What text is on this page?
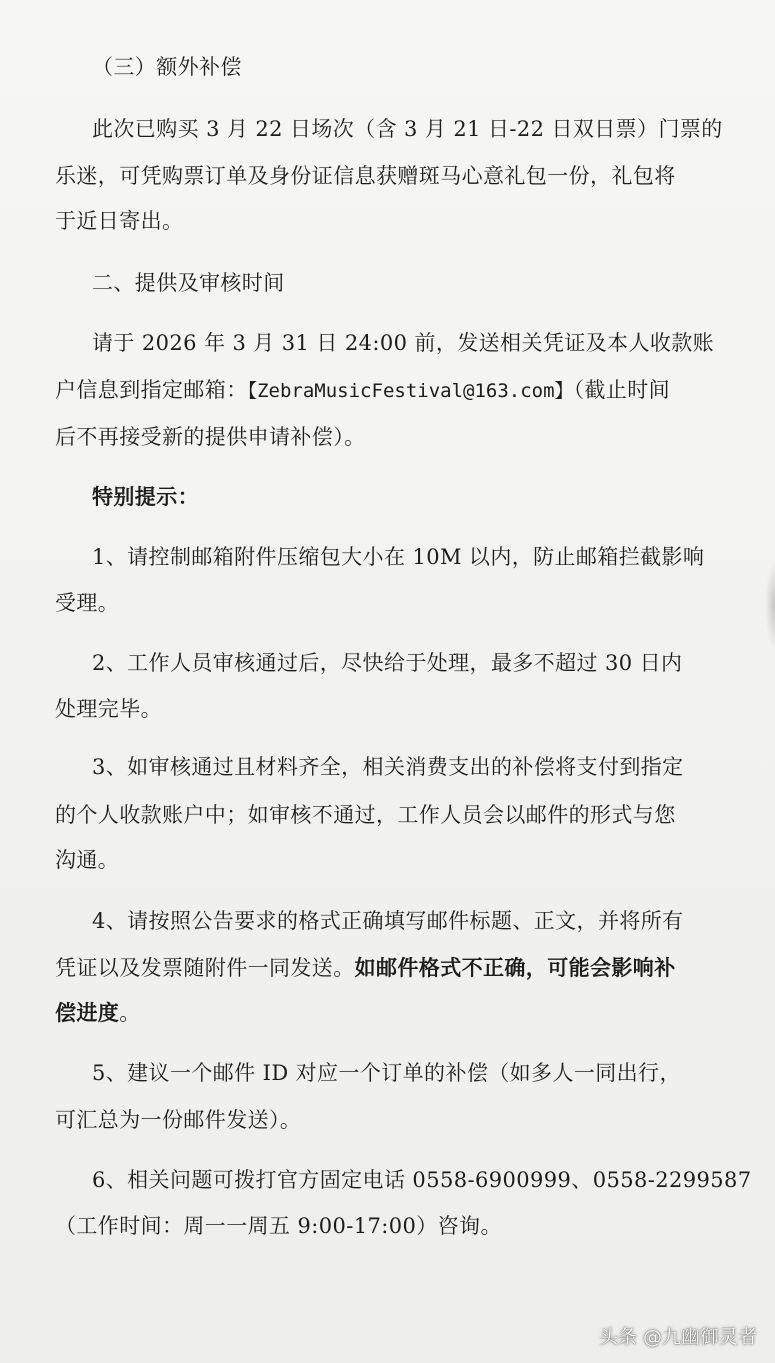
（三）额外补偿
此次已购买 3 月 22 日场次（含 3 月 21 日-22 日双日票）门票的
乐迷，可凭购票订单及身份证信息获赠斑马心意礼包一份，礼包将
于近日寄出。
二、提供及审核时间
请于 2026 年 3 月 31 日 24:00 前，发送相关凭证及本人收款账
户信息到指定邮箱：【ZebraMusicFestival@163.com】（截止时间
后不再接受新的提供申请补偿）。
特别提示：
1、请控制邮箱附件压缩包大小在 10M 以内，防止邮箱拦截影响
受理。
2、工作人员审核通过后，尽快给于处理，最多不超过 30 日内
处理完毕。
3、如审核通过且材料齐全，相关消费支出的补偿将支付到指定
的个人收款账户中；如审核不通过，工作人员会以邮件的形式与您
沟通。
4、请按照公告要求的格式正确填写邮件标题、正文，并将所有
凭证以及发票随附件一同发送。如邮件格式不正确，可能会影响补
偿进度。
5、建议一个邮件 ID 对应一个订单的补偿（如多人一同出行，
可汇总为一份邮件发送）。
6、相关问题可拨打官方固定电话 0558-6900999、0558-2299587
（工作时间：周一一周五 9:00-17:00）咨询。
头条 @九幽御灵者
